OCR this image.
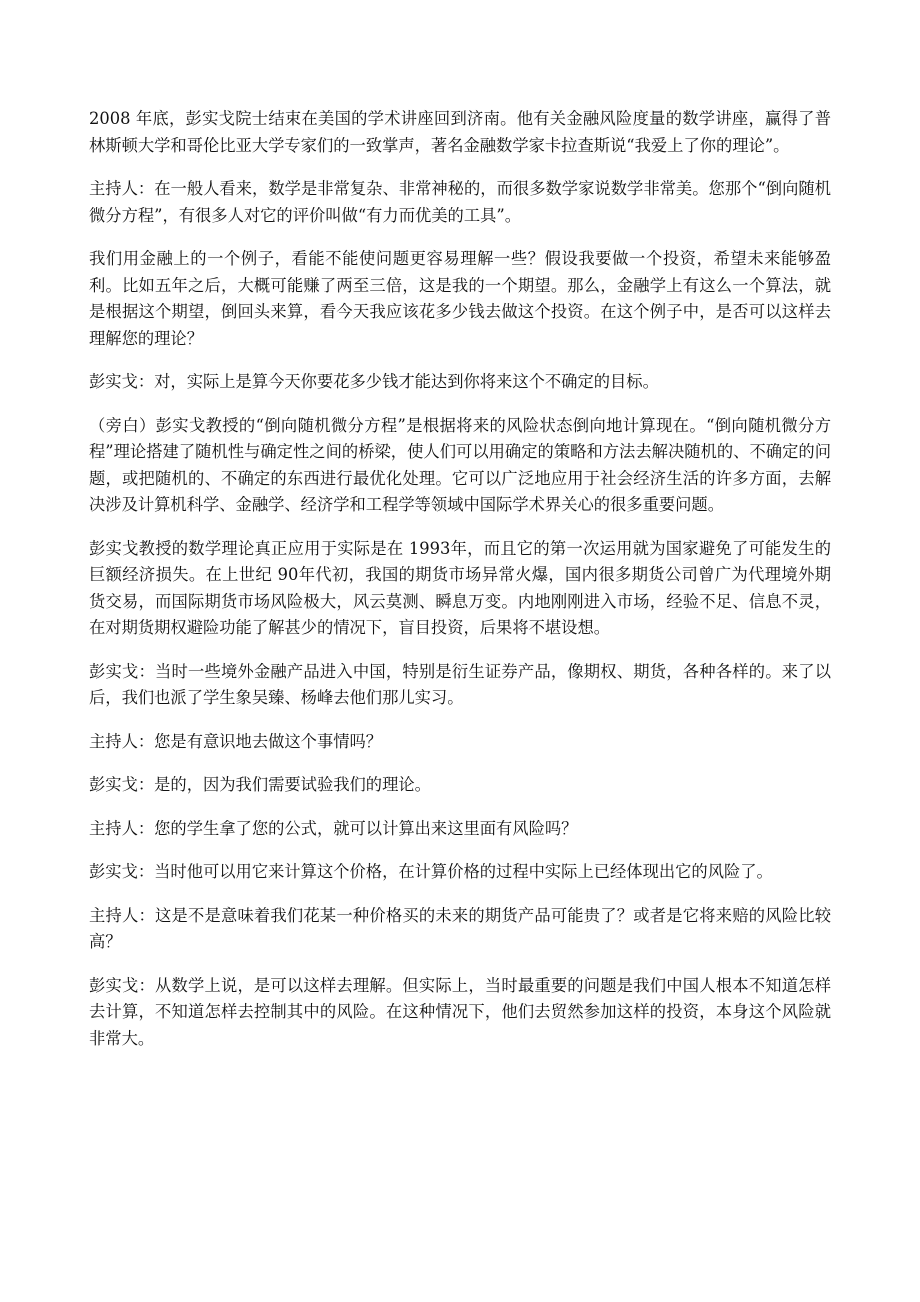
2008 年底，彭实戈院士结束在美国的学术讲座回到济南。他有关金融风险度量的数学讲座，赢得了普林斯顿大学和哥伦比亚大学专家们的一致掌声，著名金融数学家卡拉查斯说“我爱上了你的理论”。

主持人：在一般人看来，数学是非常复杂、非常神秘的，而很多数学家说数学非常美。您那个“倒向随机微分方程”，有很多人对它的评价叫做“有力而优美的工具”。

我们用金融上的一个例子，看能不能使问题更容易理解一些？假设我要做一个投资，希望未来能够盈利。比如五年之后，大概可能赚了两至三倍，这是我的一个期望。那么，金融学上有这么一个算法，就是根据这个期望，倒回头来算，看今天我应该花多少钱去做这个投资。在这个例子中，是否可以这样去理解您的理论？

彭实戈：对，实际上是算今天你要花多少钱才能达到你将来这个不确定的目标。

（旁白）彭实戈教授的“倒向随机微分方程”是根据将来的风险状态倒向地计算现在。“倒向随机微分方程”理论搭建了随机性与确定性之间的桥梁，使人们可以用确定的策略和方法去解决随机的、不确定的问题，或把随机的、不确定的东西进行最优化处理。它可以广泛地应用于社会经济生活的许多方面，去解决涉及计算机科学、金融学、经济学和工程学等领域中国际学术界关心的很多重要问题。

彭实戈教授的数学理论真正应用于实际是在 1993年，而且它的第一次运用就为国家避免了可能发生的巨额经济损失。在上世纪 90年代初，我国的期货市场异常火爆，国内很多期货公司曾广为代理境外期货交易，而国际期货市场风险极大，风云莫测、瞬息万变。内地刚刚进入市场，经验不足、信息不灵，在对期货期权避险功能了解甚少的情况下，盲目投资，后果将不堪设想。

彭实戈：当时一些境外金融产品进入中国，特别是衍生证券产品，像期权、期货，各种各样的。来了以后，我们也派了学生象吴臻、杨峰去他们那儿实习。

主持人：您是有意识地去做这个事情吗？

彭实戈：是的，因为我们需要试验我们的理论。

主持人：您的学生拿了您的公式，就可以计算出来这里面有风险吗？

彭实戈：当时他可以用它来计算这个价格，在计算价格的过程中实际上已经体现出它的风险了。

主持人：这是不是意味着我们花某一种价格买的未来的期货产品可能贵了？或者是它将来赔的风险比较高？

彭实戈：从数学上说，是可以这样去理解。但实际上，当时最重要的问题是我们中国人根本不知道怎样去计算，不知道怎样去控制其中的风险。在这种情况下，他们去贸然参加这样的投资，本身这个风险就非常大。
